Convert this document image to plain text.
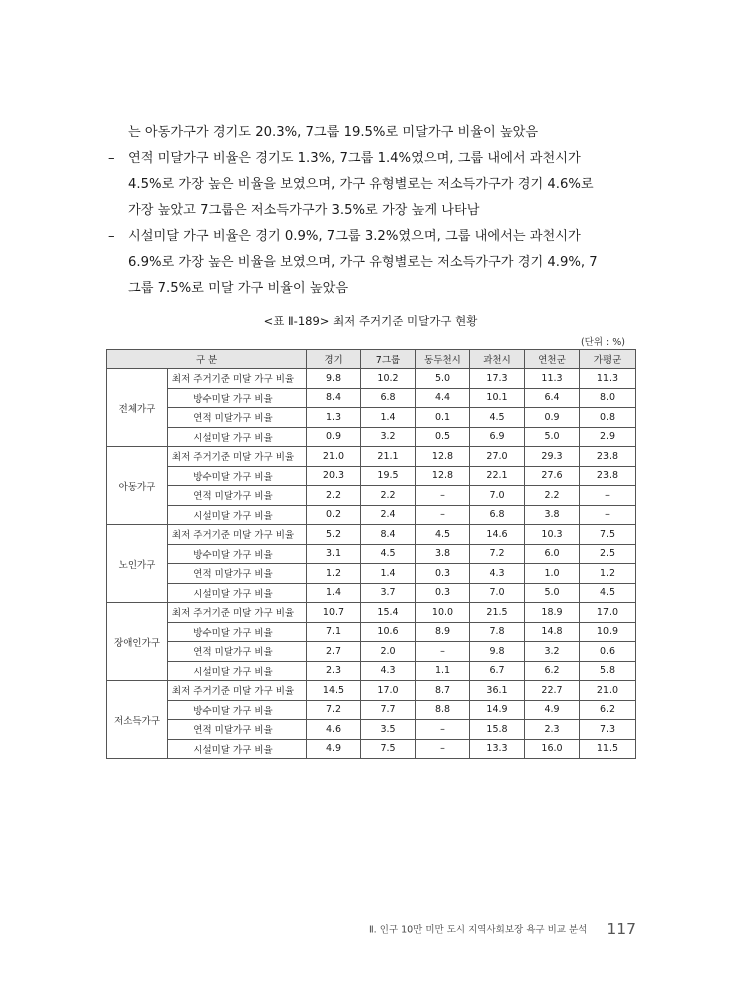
는 아동가구가 경기도 20.3%, 7그룹 19.5%로 미달가구 비율이 높았음
– 연적 미달가구 비율은 경기도 1.3%, 7그룹 1.4%였으며, 그룹 내에서 과천시가
4.5%로 가장 높은 비율을 보였으며, 가구 유형별로는 저소득가구가 경기 4.6%로
가장 높았고 7그룹은 저소득가구가 3.5%로 가장 높게 나타남
– 시설미달 가구 비율은 경기 0.9%, 7그룹 3.2%였으며, 그룹 내에서는 과천시가
6.9%로 가장 높은 비율을 보였으며, 가구 유형별로는 저소득가구가 경기 4.9%, 7
그룹 7.5%로 미달 가구 비율이 높았음
<표 Ⅱ-189> 최저 주거기준 미달가구 현황
(단위 : %)
구 분		경기	7그룹	동두천시	과천시	연천군	가평군
전체가구	최저 주거기준 미달 가구 비율	9.8	10.2	5.0	17.3	11.3	11.3
	방수미달 가구 비율	8.4	6.8	4.4	10.1	6.4	8.0
	연적 미달가구 비율	1.3	1.4	0.1	4.5	0.9	0.8
	시설미달 가구 비율	0.9	3.2	0.5	6.9	5.0	2.9
아동가구	최저 주거기준 미달 가구 비율	21.0	21.1	12.8	27.0	29.3	23.8
	방수미달 가구 비율	20.3	19.5	12.8	22.1	27.6	23.8
	연적 미달가구 비율	2.2	2.2	–	7.0	2.2	–
	시설미달 가구 비율	0.2	2.4	–	6.8	3.8	–
노인가구	최저 주거기준 미달 가구 비율	5.2	8.4	4.5	14.6	10.3	7.5
	방수미달 가구 비율	3.1	4.5	3.8	7.2	6.0	2.5
	연적 미달가구 비율	1.2	1.4	0.3	4.3	1.0	1.2
	시설미달 가구 비율	1.4	3.7	0.3	7.0	5.0	4.5
장애인가구	최저 주거기준 미달 가구 비율	10.7	15.4	10.0	21.5	18.9	17.0
	방수미달 가구 비율	7.1	10.6	8.9	7.8	14.8	10.9
	연적 미달가구 비율	2.7	2.0	–	9.8	3.2	0.6
	시설미달 가구 비율	2.3	4.3	1.1	6.7	6.2	5.8
저소득가구	최저 주거기준 미달 가구 비율	14.5	17.0	8.7	36.1	22.7	21.0
	방수미달 가구 비율	7.2	7.7	8.8	14.9	4.9	6.2
	연적 미달가구 비율	4.6	3.5	–	15.8	2.3	7.3
	시설미달 가구 비율	4.9	7.5	–	13.3	16.0	11.5
Ⅱ. 인구 10만 미만 도시 지역사회보장 욕구 비교 분석 117
